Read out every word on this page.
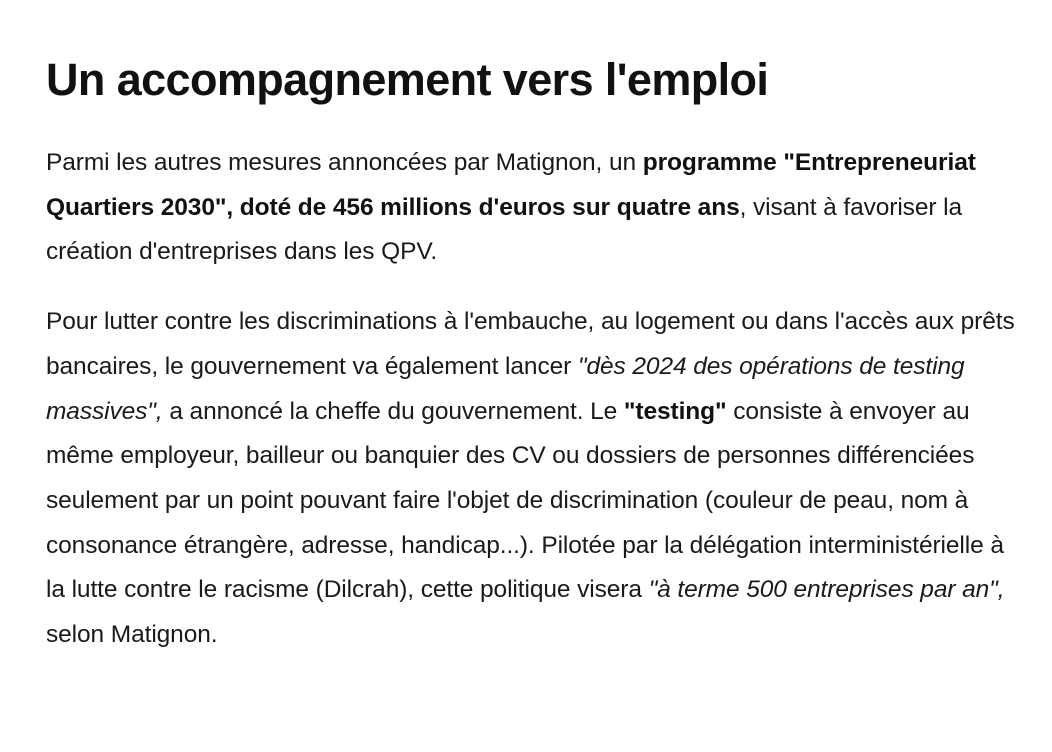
Un accompagnement vers l'emploi

Parmi les autres mesures annoncées par Matignon, un programme "Entrepreneuriat Quartiers 2030", doté de 456 millions d'euros sur quatre ans, visant à favoriser la création d'entreprises dans les QPV.

Pour lutter contre les discriminations à l'embauche, au logement ou dans l'accès aux prêts bancaires, le gouvernement va également lancer "dès 2024 des opérations de testing massives", a annoncé la cheffe du gouvernement. Le "testing" consiste à envoyer au même employeur, bailleur ou banquier des CV ou dossiers de personnes différenciées seulement par un point pouvant faire l'objet de discrimination (couleur de peau, nom à consonance étrangère, adresse, handicap...). Pilotée par la délégation interministérielle à la lutte contre le racisme (Dilcrah), cette politique visera "à terme 500 entreprises par an", selon Matignon.
